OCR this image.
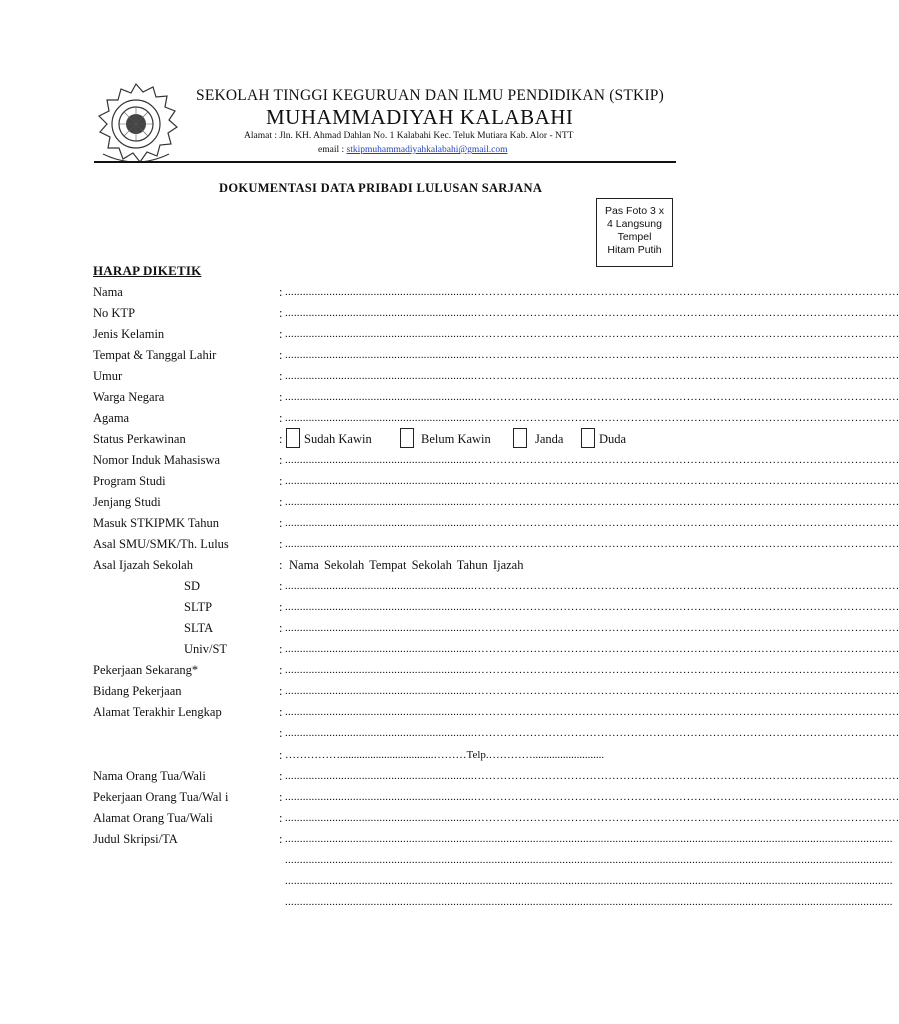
SEKOLAH TINGGI KEGURUAN DAN ILMU PENDIDIKAN (STKIP)
MUHAMMADIYAH KALABAHI
Alamat : Jln. KH. Ahmad Dahlan No. 1 Kalabahi Kec. Teluk Mutiara Kab. Alor - NTT
email : stkipmuhammadiyahkalabahi@gmail.com
DOKUMENTASI DATA PRIBADI LULUSAN SARJANA
Pas Foto 3 x
4 Langsung
Tempel
Hitam Putih
HARAP DIKETIK
Nama	: ................................................................……………………………………………………………………………………………………
No KTP	: ................................................................……………………………………………………………………………………………………
Jenis Kelamin	: ................................................................……………………………………………………………………………………………………
Tempat & Tanggal Lahir	: ................................................................……………………………………………………………………………………………………
Umur	: ................................................................……………………………………………………………………………………………………
Warga Negara	: ................................................................……………………………………………………………………………………………………
Agama	: ................................................................……………………………………………………………………………………………………
Status Perkawinan	: Sudah Kawin	Belum Kawin	Janda	Duda
Nomor Induk Mahasiswa	: ................................................................……………………………………………………………………………………………………
Program Studi	: ................................................................……………………………………………………………………………………………………
Jenjang Studi	: ................................................................……………………………………………………………………………………………………
Masuk STKIPMK Tahun	: ................................................................……………………………………………………………………………………………………
Asal SMU/SMK/Th. Lulus	: ................................................................……………………………………………………………………………………………………
Asal Ijazah Sekolah	: Nama Sekolah Tempat Sekolah Tahun Ijazah
SD	: ................................................................……………………………………………………………………………………………………
SLTP	: ................................................................……………………………………………………………………………………………………
SLTA	: ................................................................……………………………………………………………………………………………………
Univ/ST	: ................................................................……………………………………………………………………………………………………
Pekerjaan Sekarang*	: ................................................................……………………………………………………………………………………………………
Bidang Pekerjaan	: ................................................................……………………………………………………………………………………………………
Alamat Terakhir Lengkap	: ................................................................……………………………………………………………………………………………………
: ................................................................……………………………………………………………………………………………………
: ……………..................................………Telp.…………..........................
Nama Orang Tua/Wali	: ................................................................……………………………………………………………………………………………………
Pekerjaan Orang Tua/Wal i	: ................................................................……………………………………………………………………………………………………
Alamat Orang Tua/Wali	: ................................................................……………………………………………………………………………………………………
Judul Skripsi/TA	: ..............................................................................................................................................................................................................
..............................................................................................................................................................................................................
..............................................................................................................................................................................................................
..............................................................................................................................................................................................................
